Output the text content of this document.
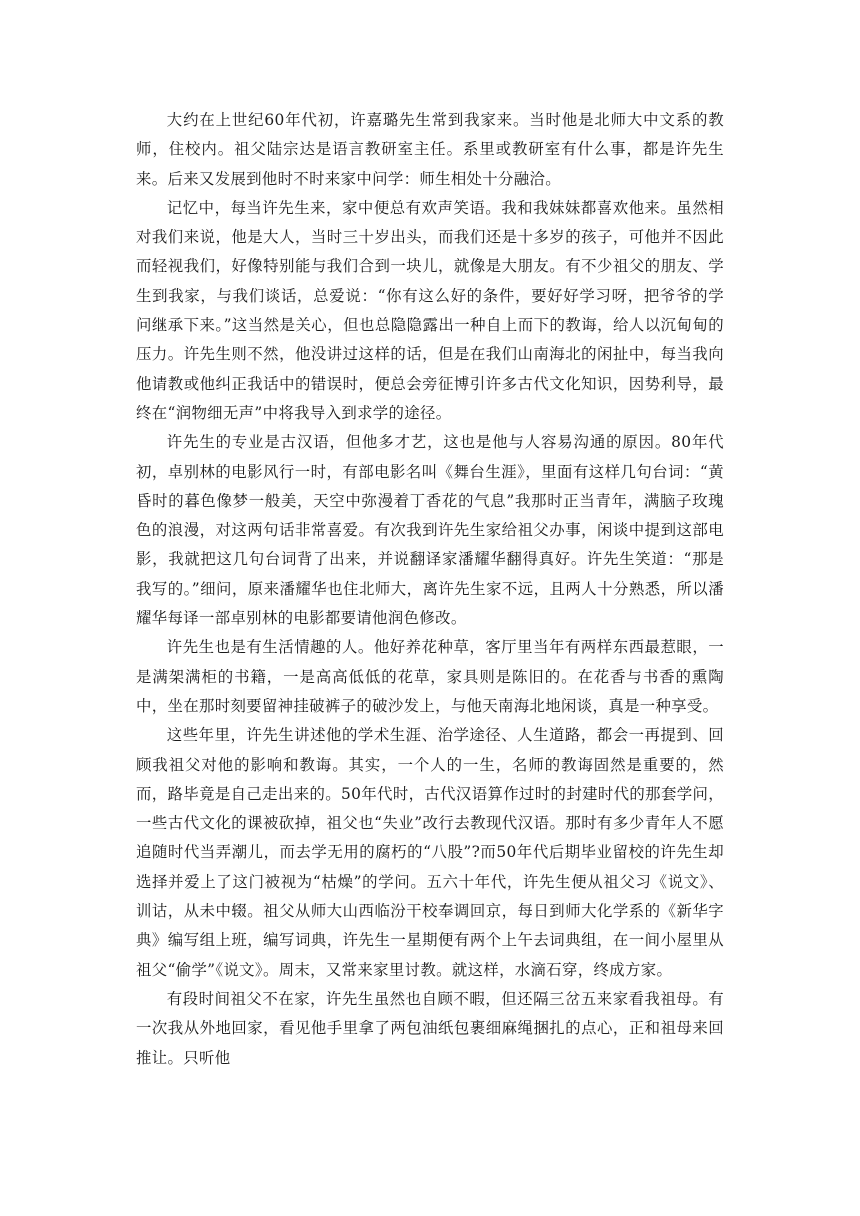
大约在上世纪60年代初，许嘉璐先生常到我家来。当时他是北师大中文系的教师，住校内。祖父陆宗达是语言教研室主任。系里或教研室有什么事，都是许先生来。后来又发展到他时不时来家中问学：师生相处十分融洽。

记忆中，每当许先生来，家中便总有欢声笑语。我和我妹妹都喜欢他来。虽然相对我们来说，他是大人，当时三十岁出头，而我们还是十多岁的孩子，可他并不因此而轻视我们，好像特别能与我们合到一块儿，就像是大朋友。有不少祖父的朋友、学生到我家，与我们谈话，总爱说：“你有这么好的条件，要好好学习呀，把爷爷的学问继承下来。”这当然是关心，但也总隐隐露出一种自上而下的教诲，给人以沉甸甸的压力。许先生则不然，他没讲过这样的话，但是在我们山南海北的闲扯中，每当我向他请教或他纠正我话中的错误时，便总会旁征博引许多古代文化知识，因势利导，最终在“润物细无声”中将我导入到求学的途径。

许先生的专业是古汉语，但他多才艺，这也是他与人容易沟通的原因。80年代初，卓别林的电影风行一时，有部电影名叫《舞台生涯》，里面有这样几句台词：“黄昏时的暮色像梦一般美，天空中弥漫着丁香花的气息”我那时正当青年，满脑子玫瑰色的浪漫，对这两句话非常喜爱。有次我到许先生家给祖父办事，闲谈中提到这部电影，我就把这几句台词背了出来，并说翻译家潘耀华翻得真好。许先生笑道：“那是我写的。”细问，原来潘耀华也住北师大，离许先生家不远，且两人十分熟悉，所以潘耀华每译一部卓别林的电影都要请他润色修改。

许先生也是有生活情趣的人。他好养花种草，客厅里当年有两样东西最惹眼，一是满架满柜的书籍，一是高高低低的花草，家具则是陈旧的。在花香与书香的熏陶中，坐在那时刻要留神挂破裤子的破沙发上，与他天南海北地闲谈，真是一种享受。

这些年里，许先生讲述他的学术生涯、治学途径、人生道路，都会一再提到、回顾我祖父对他的影响和教诲。其实，一个人的一生，名师的教诲固然是重要的，然而，路毕竟是自己走出来的。50年代时，古代汉语算作过时的封建时代的那套学问，一些古代文化的课被砍掉，祖父也“失业”改行去教现代汉语。那时有多少青年人不愿追随时代当弄潮儿，而去学无用的腐朽的“八股”?而50年代后期毕业留校的许先生却选择并爱上了这门被视为“枯燥”的学问。五六十年代，许先生便从祖父习《说文》、训诂，从未中辍。祖父从师大山西临汾干校奉调回京，每日到师大化学系的《新华字典》编写组上班，编写词典，许先生一星期便有两个上午去词典组，在一间小屋里从祖父“偷学”《说文》。周末，又常来家里讨教。就这样，水滴石穿，终成方家。

有段时间祖父不在家，许先生虽然也自顾不暇，但还隔三岔五来家看我祖母。有一次我从外地回家，看见他手里拿了两包油纸包裹细麻绳捆扎的点心，正和祖母来回推让。只听他
